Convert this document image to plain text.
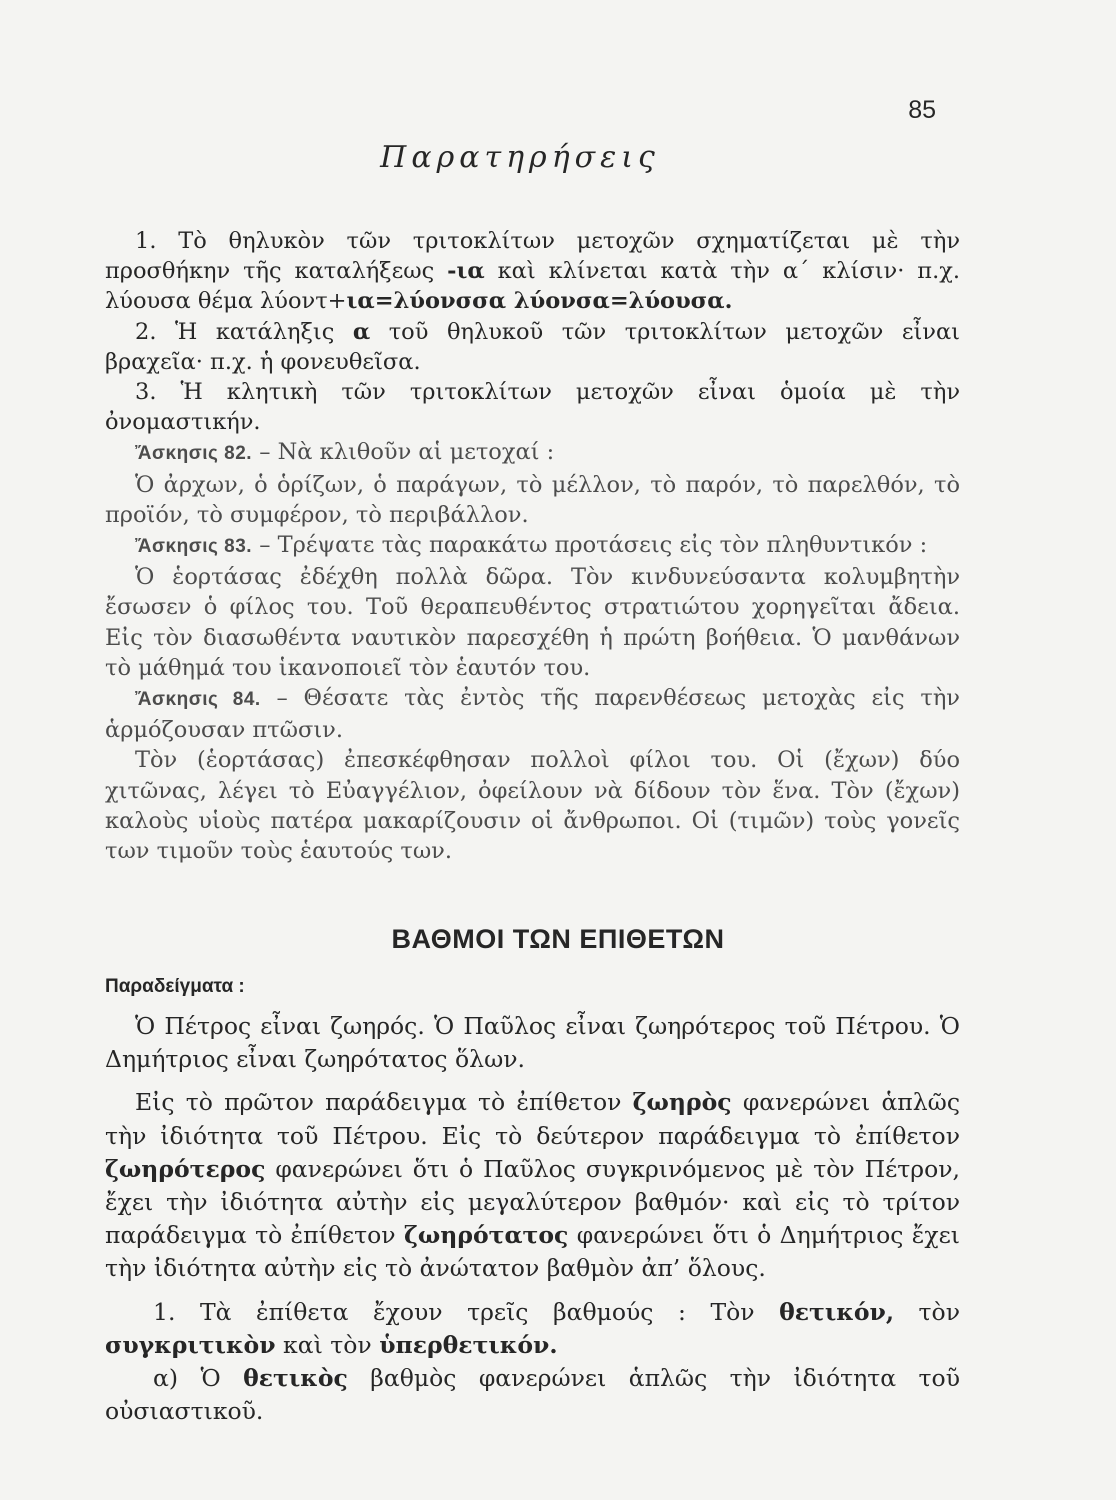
85
Παρατηρήσεις

1. Τὸ θηλυκὸν τῶν τριτοκλίτων μετοχῶν σχηματίζεται μὲ τὴν προσθήκην τῆς καταλήξεως -ια καὶ κλίνεται κατὰ τὴν α΄ κλίσιν· π.χ. λύουσα θέμα λύοντ+ια=λύονσσα λύονσα=λύουσα.

2. Ἡ κατάληξις α τοῦ θηλυκοῦ τῶν τριτοκλίτων μετοχῶν εἶναι βραχεῖα· π.χ. ἡ φονευθεῖσα.

3. Ἡ κλητικὴ τῶν τριτοκλίτων μετοχῶν εἶναι ὁμοία μὲ τὴν ὀνομαστικήν.

Ἄσκησις 82. – Νὰ κλιθοῦν αἱ μετοχαί :

Ὁ ἀρχων, ὁ ὁρίζων, ὁ παράγων, τὸ μέλλον, τὸ παρόν, τὸ παρελθόν, τὸ προϊόν, τὸ συμφέρον, τὸ περιβάλλον.

Ἄσκησις 83. – Τρέψατε τὰς παρακάτω προτάσεις εἰς τὸν πληθυντικόν :

Ὁ ἑορτάσας ἐδέχθη πολλὰ δῶρα. Τὸν κινδυνεύσαντα κολυμβητὴν ἔσωσεν ὁ φίλος του. Τοῦ θεραπευθέντος στρατιώτου χορηγεῖται ἄδεια. Εἰς τὸν διασωθέντα ναυτικὸν παρεσχέθη ἡ πρώτη βοήθεια. Ὁ μανθάνων τὸ μάθημά του ἱκανοποιεῖ τὸν ἑαυτόν του.

Ἄσκησις 84. – Θέσατε τὰς ἐντὸς τῆς παρενθέσεως μετοχὰς εἰς τὴν ἁρμόζουσαν πτῶσιν.

Τὸν (ἑορτάσας) ἐπεσκέφθησαν πολλοὶ φίλοι του. Οἱ (ἔχων) δύο χιτῶνας, λέγει τὸ Εὐαγγέλιον, ὀφείλουν νὰ δίδουν τὸν ἕνα. Τὸν (ἔχων) καλοὺς υἱοὺς πατέρα μακαρίζουσιν οἱ ἄνθρωποι. Οἱ (τιμῶν) τοὺς γονεῖς των τιμοῦν τοὺς ἑαυτούς των.

ΒΑΘΜΟΙ ΤΩΝ ΕΠΙΘΕΤΩΝ
Παραδείγματα :

Ὁ Πέτρος εἶναι ζωηρός. Ὁ Παῦλος εἶναι ζωηρότερος τοῦ Πέτρου. Ὁ Δημήτριος εἶναι ζωηρότατος ὅλων.

Εἰς τὸ πρῶτον παράδειγμα τὸ ἐπίθετον ζωηρὸς φανερώνει ἁπλῶς τὴν ἰδιότητα τοῦ Πέτρου. Εἰς τὸ δεύτερον παράδειγμα τὸ ἐπίθετον ζωηρότερος φανερώνει ὅτι ὁ Παῦλος συγκρινόμενος μὲ τὸν Πέτρον, ἔχει τὴν ἰδιότητα αὐτὴν εἰς μεγαλύτερον βαθμόν· καὶ εἰς τὸ τρίτον παράδειγμα τὸ ἐπίθετον ζωηρότατος φανερώνει ὅτι ὁ Δημήτριος ἔχει τὴν ἰδιότητα αὐτὴν εἰς τὸ ἀνώτατον βαθμὸν ἀπ’ ὅλους.

1. Τὰ ἐπίθετα ἔχουν τρεῖς βαθμούς : Τὸν θετικόν, τὸν συγκριτικὸν καὶ τὸν ὑπερθετικόν.

α) Ὁ θετικὸς βαθμὸς φανερώνει ἁπλῶς τὴν ἰδιότητα τοῦ οὐσιαστικοῦ.
